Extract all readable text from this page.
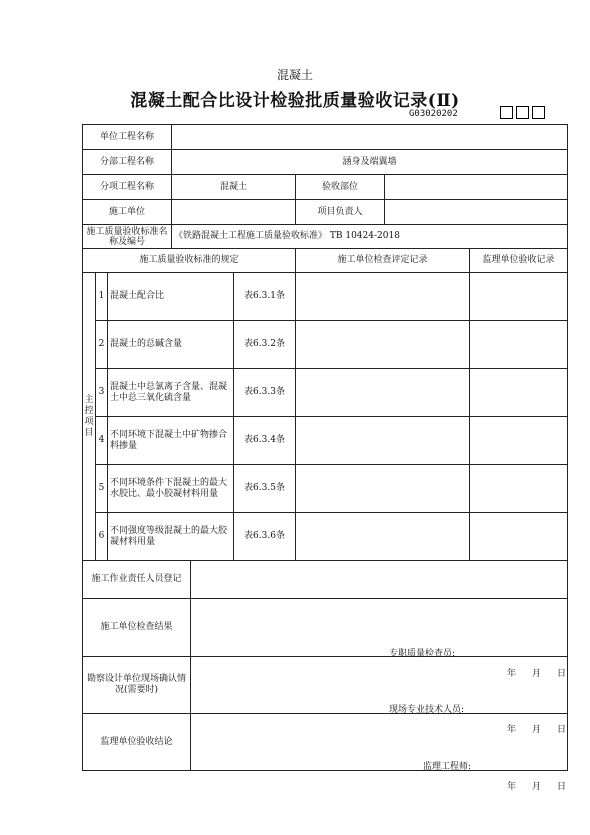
混凝土
混凝土配合比设计检验批质量验收记录(Ⅱ)
G03020202
单位工程名称								
分部工程名称			涵身及端翼墙					
分项工程名称			混凝土			验收部位		
施工单位						项目负责人		
施工质量验收标准名称及编号			《铁路混凝土工程施工质量验收标准》 TB 10424-2018					
施工质量验收标准的规定						施工单位检查评定记录		监理单位验收记录
主控项目	1	混凝土配合比			表6.3.1条			
	2	混凝土的总碱含量			表6.3.2条			
	3	混凝土中总氯离子含量、混凝土中总三氧化硫含量			表6.3.3条			
	4	不同环境下混凝土中矿物掺合料掺量			表6.3.4条			
	5	不同环境条件下混凝土的最大水胶比、最小胶凝材料用量			表6.3.5条			
	6	不同强度等级混凝土的最大胶凝材料用量			表6.3.6条			
施工作业责任人员登记								
施工单位检查结果				专职质量检查员:
年 月 日				

勘察设计单位现场确认情况(需要时)				现场专业技术人员:
年 月 日				

监理单位验收结论				监理工程师:
年 月 日				
